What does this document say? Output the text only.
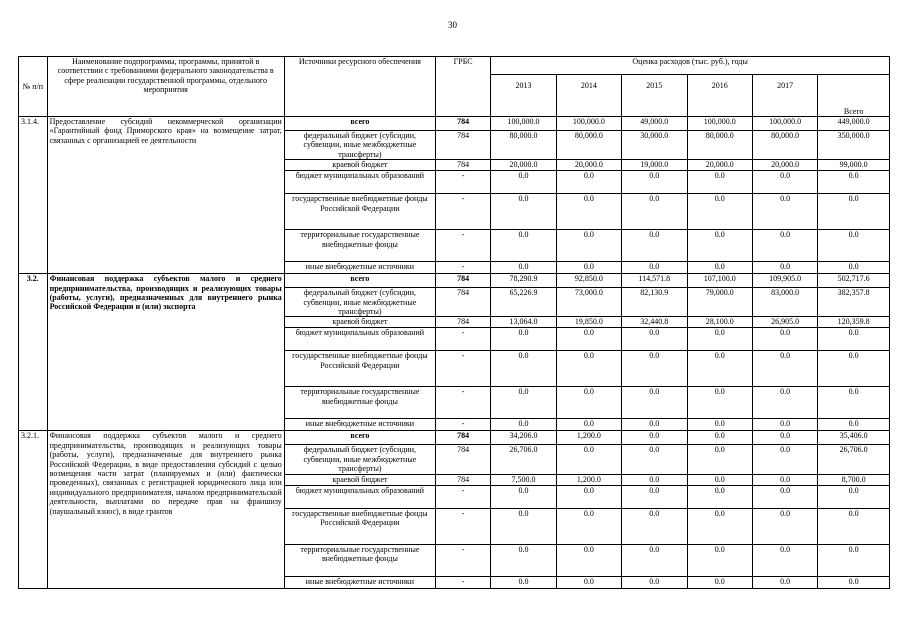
30
№ п/п	Наименование подпрограммы, программы, принятой в соответствии с требованиями федерального законодательства в сфере реализации государственной программы, отдельного мероприятия	Источники ресурсного обеспечения	ГРБС	Оценка расходов (тыс. руб.), годы					
				2013	2014	2015	2016	2017	Всего
3.1.4.	Предоставление субсидий некоммерческой организации «Гарантийный фонд Приморского края» на возмещение затрат, связанных с организацией ее деятельности	всего	784	100,000.0	100,000.0	49,000.0	100,000.0	100,000.0	449,000.0
		федеральный бюджет (субсидии, субвенции, иные межбюджетные трансферты)	784	80,000.0	80,000.0	30,000.0	80,000.0	80,000.0	350,000.0
		краевой бюджет	784	20,000.0	20,000.0	19,000.0	20,000.0	20,000.0	99,000.0
		бюджет муниципальных образований	-	0.0	0.0	0.0	0.0	0.0	0.0
		государственные внебюджетные фонды Российской Федерации	-	0.0	0.0	0.0	0.0	0.0	0.0
		территориальные государственные внебюджетные фонды	-	0.0	0.0	0.0	0.0	0.0	0.0
		иные внебюджетные источники	-	0.0	0.0	0.0	0.0	0.0	0.0
3.2.	Финансовая поддержка субъектов малого и среднего предпринимательства, производящих и реализующих товары (работы, услуги), предназначенных для внутреннего рынка Российской Федерации и (или) экспорта	всего	784	78,290.9	92,850.0	114,571.8	107,100.0	109,905.0	502,717.6
		федеральный бюджет (субсидии, субвенции, иные межбюджетные трансферты)	784	65,226.9	73,000.0	82,130.9	79,000.0	83,000.0	382,357.8
		краевой бюджет	784	13,064.0	19,850.0	32,440.8	28,100.0	26,905.0	120,359.8
		бюджет муниципальных образований	-	0.0	0.0	0.0	0.0	0.0	0.0
		государственные внебюджетные фонды Российской Федерации	-	0.0	0.0	0.0	0.0	0.0	0.0
		территориальные государственные внебюджетные фонды	-	0.0	0.0	0.0	0.0	0.0	0.0
		иные внебюджетные источники	-	0.0	0.0	0.0	0.0	0.0	0.0
3.2.1.	Финансовая поддержка субъектов малого и среднего предпринимательства, производящих и реализующих товары (работы, услуги), предназначенные для внутреннего рынка Российской Федерации, в виде предоставления субсидий с целью возмещения части затрат (планируемых и (или) фактически проведенных), связанных с регистрацией юридического лица или индивидуального предпринимателя, началом предпринимательской деятельности, выплатами по передаче прав на франшизу (паушальный взнос), в виде грантов	всего	784	34,206.0	1,200.0	0.0	0.0	0.0	35,406.0
		федеральный бюджет (субсидии, субвенции, иные межбюджетные трансферты)	784	26,706.0	0.0	0.0	0.0	0.0	26,706.0
		краевой бюджет	784	7,500.0	1,200.0	0.0	0.0	0.0	8,700.0
		бюджет муниципальных образований	-	0.0	0.0	0.0	0.0	0.0	0.0
		государственные внебюджетные фонды Российской Федерации	-	0.0	0.0	0.0	0.0	0.0	0.0
		территориальные государственные внебюджетные фонды	-	0.0	0.0	0.0	0.0	0.0	0.0
		иные внебюджетные источники	-	0.0	0.0	0.0	0.0	0.0	0.0
